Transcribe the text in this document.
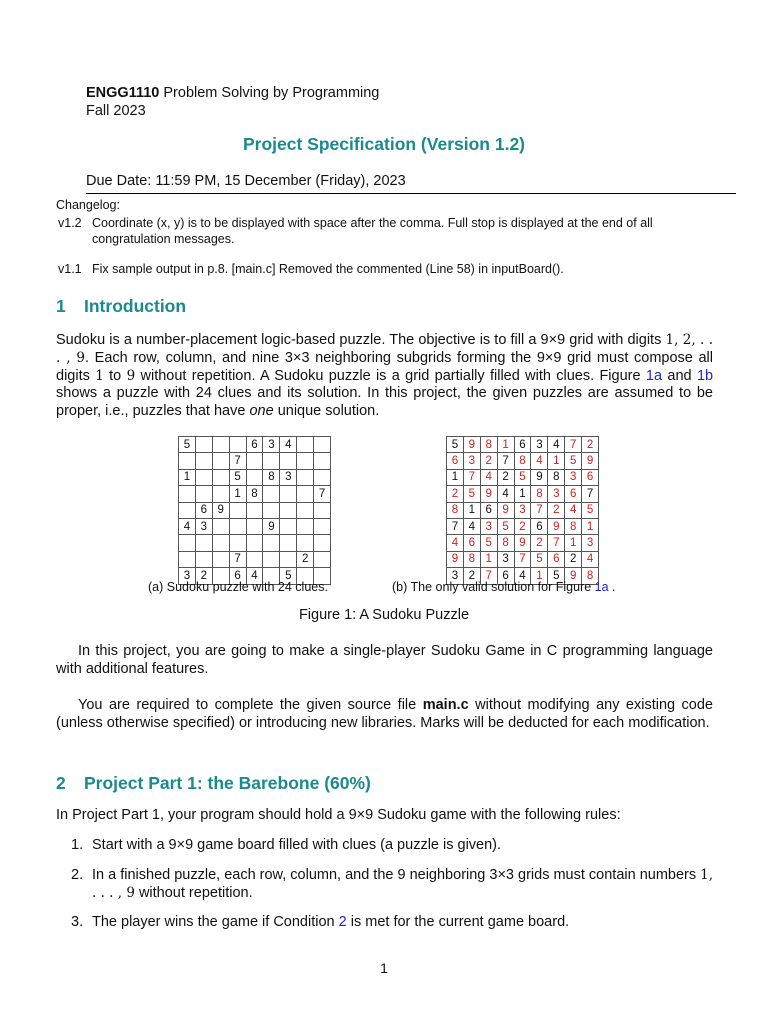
ENGG1110 Problem Solving by Programming
Fall 2023
Project Specification (Version 1.2)
Due Date: 11:59 PM, 15 December (Friday), 2023
Changelog:
v1.2 Coordinate (x, y) is to be displayed with space after the comma. Full stop is displayed at the end of all congratulation messages.
v1.1 Fix sample output in p.8. [main.c] Removed the commented (Line 58) in inputBoard().
1 Introduction
Sudoku is a number-placement logic-based puzzle. The objective is to fill a 9×9 grid with digits 1, 2, . . . , 9. Each row, column, and nine 3×3 neighboring subgrids forming the 9×9 grid must compose all digits 1 to 9 without repetition. A Sudoku puzzle is a grid partially filled with clues. Figure 1a and 1b shows a puzzle with 24 clues and its solution. In this project, the given puzzles are assumed to be proper, i.e., puzzles that have one unique solution.
5				6	3	4		
			7					
1			5		8	3		
			1	8				7
	6	9						
4	3				9			

			7				2	
3	2		6	4		5		
5	9	8	1	6	3	4	7	2
6	3	2	7	8	4	1	5	9
1	7	4	2	5	9	8	3	6
2	5	9	4	1	8	3	6	7
8	1	6	9	3	7	2	4	5
7	4	3	5	2	6	9	8	1
4	6	5	8	9	2	7	1	3
9	8	1	3	7	5	6	2	4
3	2	7	6	4	1	5	9	8
(a) Sudoku puzzle with 24 clues.	(b) The only valid solution for Figure 1a .
Figure 1: A Sudoku Puzzle
In this project, you are going to make a single-player Sudoku Game in C programming language with additional features.
You are required to complete the given source file main.c without modifying any existing code (unless otherwise specified) or introducing new libraries. Marks will be deducted for each modification.
2 Project Part 1: the Barebone (60%)
In Project Part 1, your program should hold a 9×9 Sudoku game with the following rules:
1. Start with a 9×9 game board filled with clues (a puzzle is given).
2. In a finished puzzle, each row, column, and the 9 neighboring 3×3 grids must contain numbers 1, . . . , 9 without repetition.
3. The player wins the game if Condition 2 is met for the current game board.
1
